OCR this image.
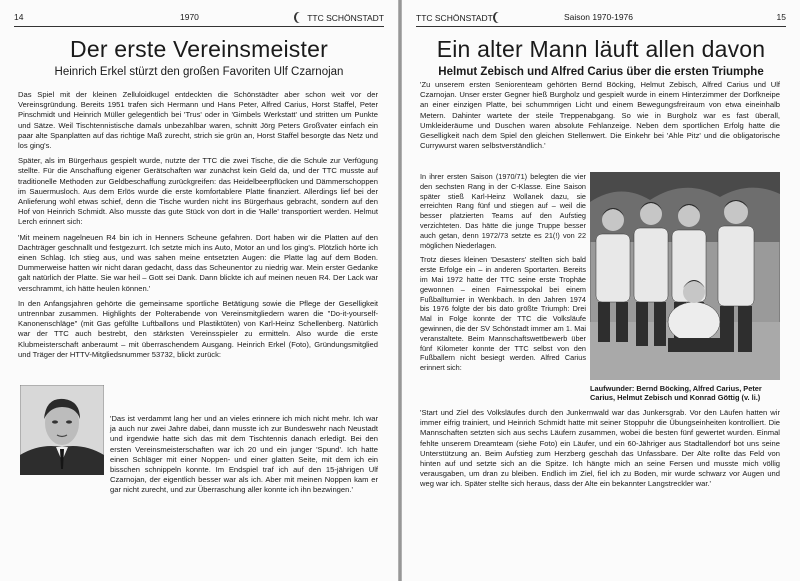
14	1970	TTC SCHÖNSTADT
Der erste Vereinsmeister
Heinrich Erkel stürzt den großen Favoriten Ulf Czarnojan

Das Spiel mit der kleinen Zelluloidkugel entdeckten die Schönstädter aber schon weit vor der Vereinsgründung. Bereits 1951 trafen sich Hermann und Hans Peter, Alfred Carius, Horst Staffel, Peter Pinschmidt und Heinrich Müller gelegentlich bei 'Trus' oder in 'Gimbels Werkstatt' und stritten um Punkte und Sätze. Weil Tischtennistische damals unbezahlbar waren, schnitt Jörg Peters Großvater einfach ein paar alte Spanplatten auf das richtige Maß zurecht, strich sie grün an, Horst Staffel besorgte das Netz und los ging's.

Später, als im Bürgerhaus gespielt wurde, nutzte der TTC die zwei Tische, die die Schule zur Verfügung stellte. Für die Anschaffung eigener Gerätschaften war zunächst kein Geld da, und der TTC musste auf traditionelle Methoden zur Geldbeschaffung zurückgreifen: das Heidelbeerpflücken und Dämmerschoppen im Sauermusloch. Aus dem Erlös wurde die erste komfortablere Platte finanziert. Allerdings lief bei der Anlieferung wohl etwas schief, denn die Tische wurden nicht ins Bürgerhaus gebracht, sondern auf den Hof von Heinrich Schmidt. Also musste das gute Stück von dort in die 'Halle' transportiert werden. Helmut Lerch erinnert sich:

'Mit meinem nagelneuen R4 bin ich in Henners Scheune gefahren. Dort haben wir die Platten auf den Dachträger geschnallt und festgezurrt. Ich setzte mich ins Auto, Motor an und los ging's. Plötzlich hörte ich einen Schlag. Ich stieg aus, und was sahen meine entsetzten Augen: die Platte lag auf dem Boden. Dummerweise hatten wir nicht daran gedacht, dass das Scheunentor zu niedrig war. Mein erster Gedanke galt natürlich der Platte. Sie war heil – Gott sei Dank. Dann blickte ich auf meinen neuen R4. Der Lack war verschrammt, ich hätte heulen können.'

In den Anfangsjahren gehörte die gemeinsame sportliche Betätigung sowie die Pflege der Geselligkeit untrennbar zusammen. Highlights der Polterabende von Vereinsmitgliedern waren die "Do-it-yourself-Kanonenschläge" (mit Gas gefüllte Luftballons und Plastiktüten) von Karl-Heinz Schellenberg. Natürlich war der TTC auch bestrebt, den stärksten Vereinsspieler zu ermitteln. Also wurde die erste Klubmeisterschaft anberaumt – mit überraschendem Ausgang. Heinrich Erkel (Foto), Gründungsmitglied und Träger der HTTV-Mitgliedsnummer 53732, blickt zurück:

'Das ist verdammt lang her und an vieles erinnere ich mich nicht mehr. Ich war ja auch nur zwei Jahre dabei, dann musste ich zur Bundeswehr nach Neustadt und irgendwie hatte sich das mit dem Tischtennis danach erledigt. Bei den ersten Vereinsmeisterschaften war ich 20 und ein junger 'Spund'. Ich hatte einen Schläger mit einer Noppen- und einer glatten Seite, mit dem ich ein bisschen schnippeln konnte. Im Endspiel traf ich auf den 15-jährigen Ulf Czarnojan, der eigentlich besser war als ich. Aber mit meinen Noppen kam er gar nicht zurecht, und zur Überraschung aller konnte ich ihn bezwingen.'

TTC SCHÖNSTADT	Saison 1970-1976	15
Ein alter Mann läuft allen davon
Helmut Zebisch und Alfred Carius über die ersten Triumphe

'Zu unserem ersten Seniorenteam gehörten Bernd Böcking, Helmut Zebisch, Alfred Carius und Ulf Czarnojan. Unser erster Gegner hieß Burgholz und gespielt wurde in einem Hinterzimmer der Dorfkneipe an einer einzigen Platte, bei schummrigen Licht und einem Bewegungsfreiraum von etwa eineinhalb Metern. Dahinter wartete der steile Treppenabgang. So wie in Burgholz war es fast überall, Umkleideräume und Duschen waren absolute Fehlanzeige. Neben dem sportlichen Erfolg hatte die Geselligkeit nach dem Spiel den gleichen Stellenwert. Die Einkehr bei 'Ahle Pitz' und die obligatorische Currywurst waren selbstverständlich.'

In ihrer ersten Saison (1970/71) belegten die vier den sechsten Rang in der C-Klasse. Eine Saison später stieß Karl-Heinz Wollanek dazu, sie erreichten Rang fünf und stiegen auf – weil die besser platzierten Teams auf den Aufstieg verzichteten. Das hätte die junge Truppe besser auch getan, denn 1972/73 setzte es 21(!) von 22 möglichen Niederlagen.

Trotz dieses kleinen 'Desasters' stellten sich bald erste Erfolge ein – in anderen Sportarten. Bereits im Mai 1972 hatte der TTC seine erste Trophäe gewonnen – einen Fairnesspokal bei einem Fußballturnier in Wenkbach. In den Jahren 1974 bis 1976 folgte der bis dato größte Triumph: Drei Mal in Folge konnte der TTC die Volksläufe gewinnen, die der SV Schönstadt immer am 1. Mai veranstaltete. Beim Mannschaftswettbewerb über fünf Kilometer konnte der TTC selbst von den Fußballern nicht besiegt werden. Alfred Carius erinnert sich:

Laufwunder: Bernd Böcking, Alfred Carius, Peter Carius, Helmut Zebisch und Konrad Göttig (v. li.)

'Start und Ziel des Volksläufes durch den Junkernwald war das Junkersgrab. Vor den Läufen hatten wir immer eifrig trainiert, und Heinrich Schmidt hatte mit seiner Stoppuhr die Übungseinheiten kontrolliert. Die Mannschaften setzten sich aus sechs Läufern zusammen, wobei die besten fünf gewertet wurden. Einmal fehlte unserem Dreamteam (siehe Foto) ein Läufer, und ein 60-Jähriger aus Stadtallendorf bot uns seine Unterstützung an. Beim Aufstieg zum Herzberg geschah das Unfassbare. Der Alte rollte das Feld von hinten auf und setzte sich an die Spitze. Ich hängte mich an seine Fersen und musste mich völlig verausgaben, um dran zu bleiben. Endlich im Ziel, fiel ich zu Boden, mir wurde schwarz vor Augen und weg war ich. Später stellte sich heraus, dass der Alte ein bekannter Langstreckler war.'
